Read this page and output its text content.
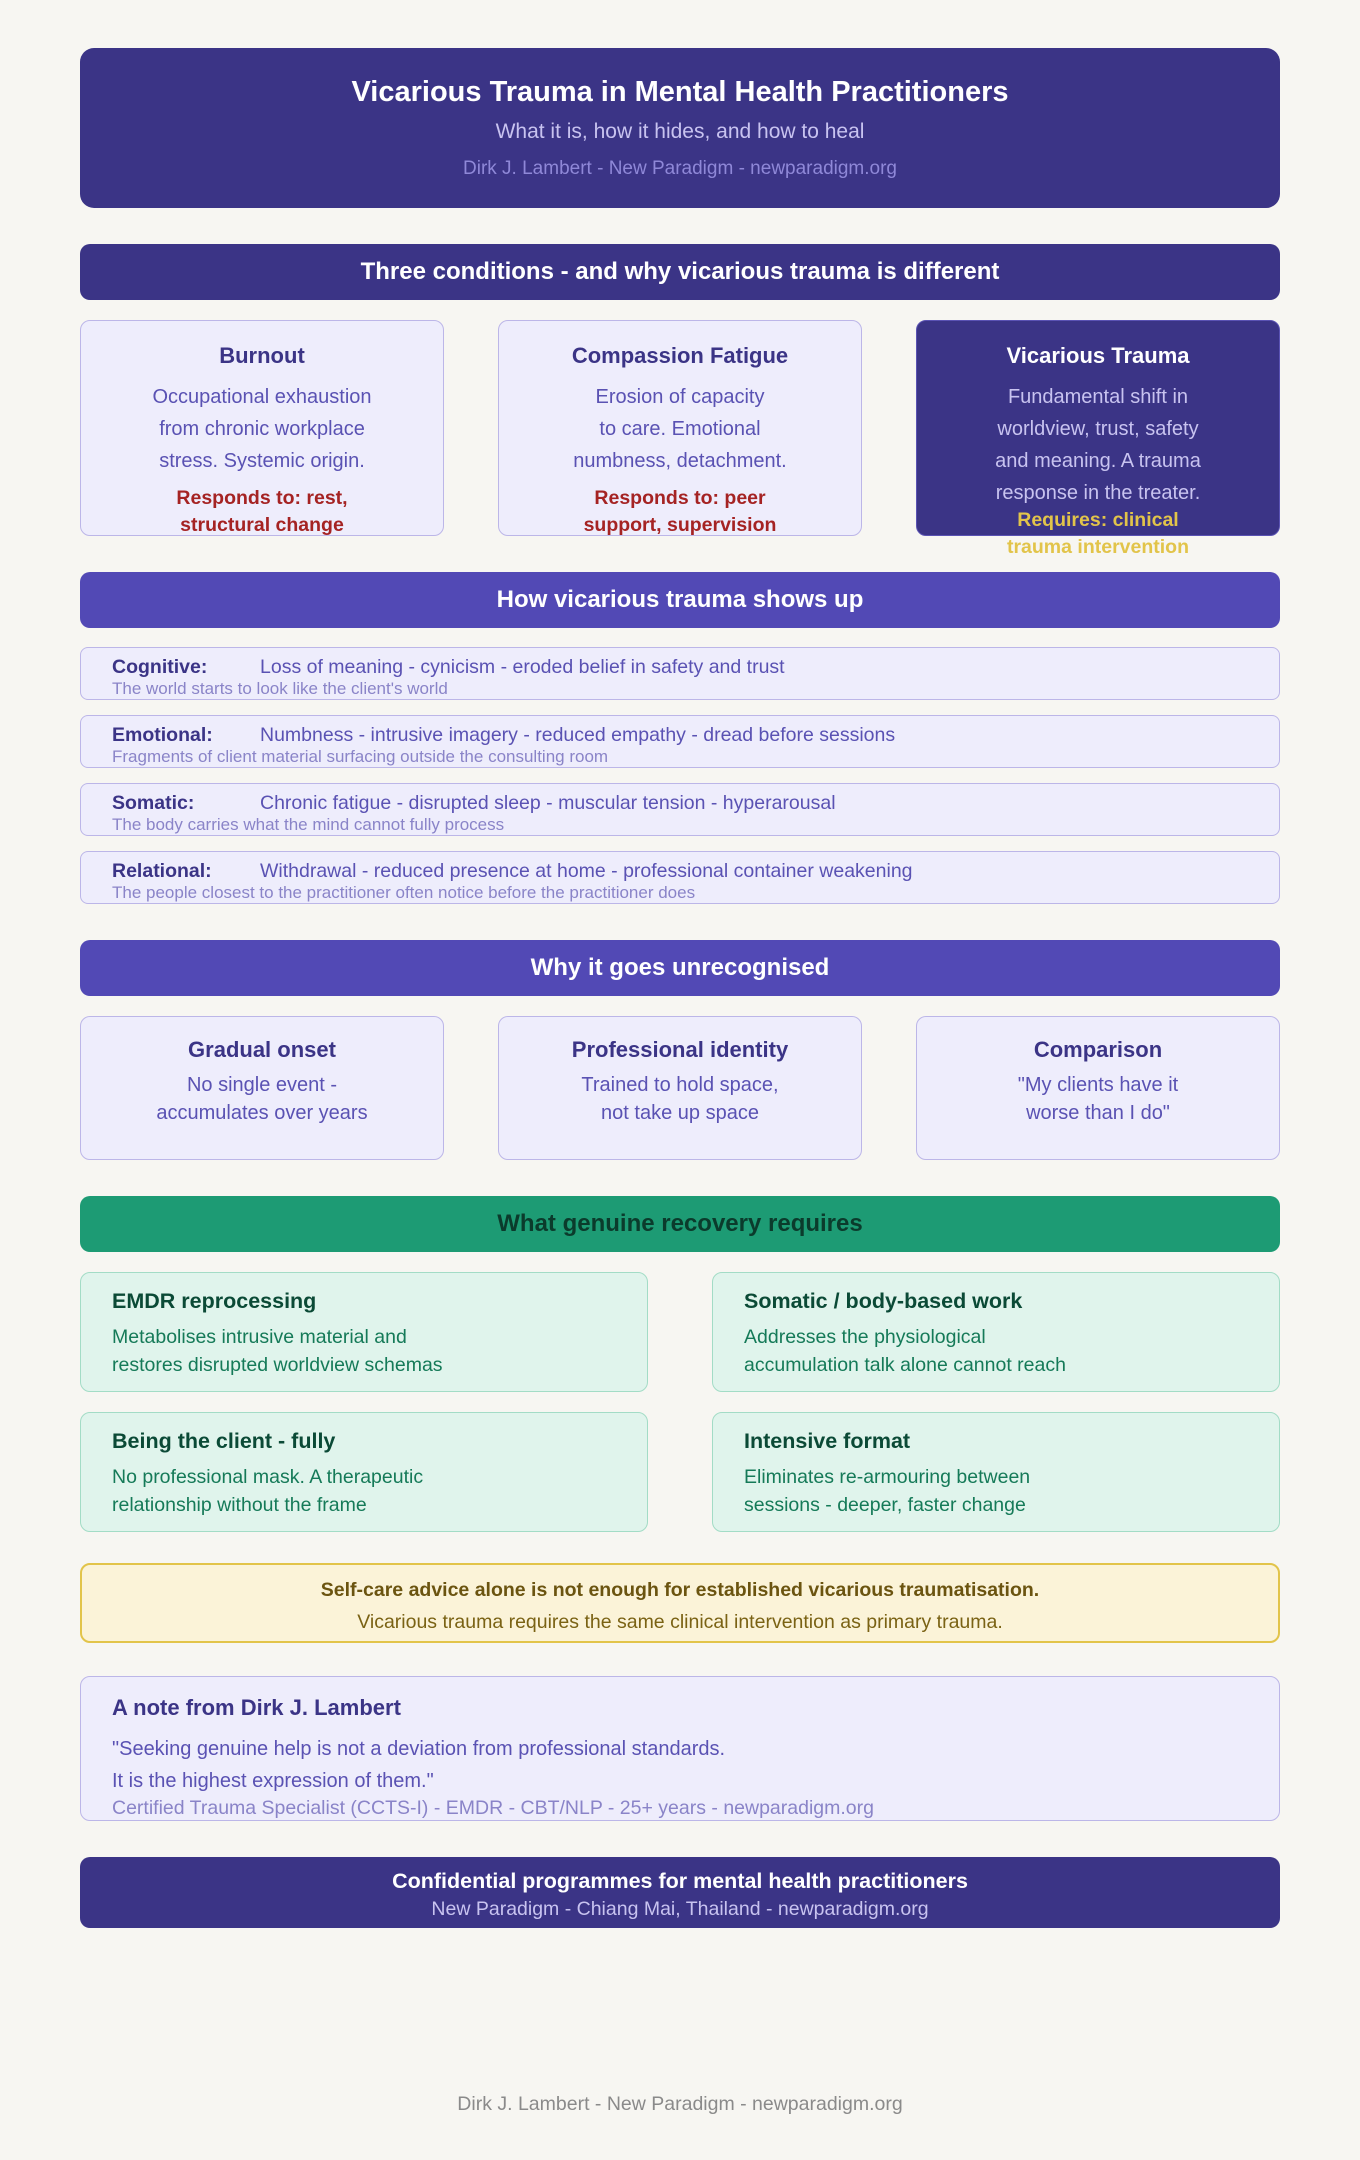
Vicarious Trauma in Mental Health Practitioners
What it is, how it hides, and how to heal
Dirk J. Lambert - New Paradigm - newparadigm.org
Three conditions - and why vicarious trauma is different
Burnout
Occupational exhaustion
from chronic workplace
stress. Systemic origin.
Responds to: rest,
structural change
Compassion Fatigue
Erosion of capacity
to care. Emotional
numbness, detachment.
Responds to: peer
support, supervision
Vicarious Trauma
Fundamental shift in
worldview, trust, safety
and meaning. A trauma
response in the treater.
Requires: clinical
trauma intervention
How vicarious trauma shows up
Cognitive:	Loss of meaning - cynicism - eroded belief in safety and trust
The world starts to look like the client's world
Emotional: Numbness - intrusive imagery - reduced empathy - dread before sessions
Fragments of client material surfacing outside the consulting room
Somatic:	Chronic fatigue - disrupted sleep - muscular tension - hyperarousal
The body carries what the mind cannot fully process
Relational: Withdrawal - reduced presence at home - professional container weakening
The people closest to the practitioner often notice before the practitioner does
Why it goes unrecognised
Gradual onset
No single event -
accumulates over years
Professional identity
Trained to hold space,
not take up space
Comparison
"My clients have it
worse than I do"
What genuine recovery requires
EMDR reprocessing
Metabolises intrusive material and
restores disrupted worldview schemas
Somatic / body-based work
Addresses the physiological
accumulation talk alone cannot reach
Being the client - fully
No professional mask. A therapeutic
relationship without the frame
Intensive format
Eliminates re-armouring between
sessions - deeper, faster change
Self-care advice alone is not enough for established vicarious traumatisation.
Vicarious trauma requires the same clinical intervention as primary trauma.
A note from Dirk J. Lambert
"Seeking genuine help is not a deviation from professional standards.
It is the highest expression of them."
Certified Trauma Specialist (CCTS-I) - EMDR - CBT/NLP - 25+ years - newparadigm.org
Confidential programmes for mental health practitioners
New Paradigm - Chiang Mai, Thailand - newparadigm.org
Dirk J. Lambert - New Paradigm - newparadigm.org
